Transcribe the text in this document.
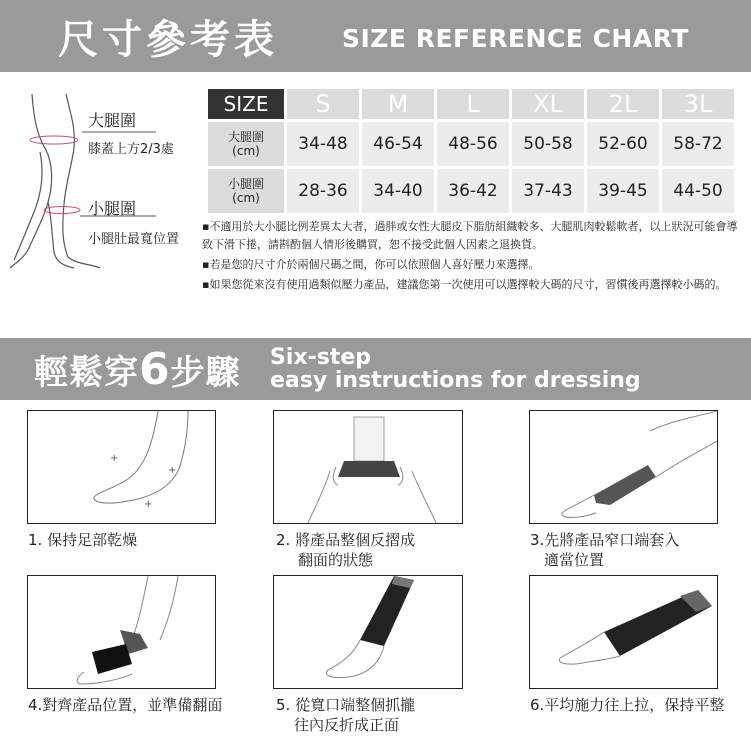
尺寸參考表	SIZE REFERENCE CHART
大腿圍
膝蓋上方2/3處
小腿圍
小腿肚最寬位置
SIZE	S	M	L	XL	2L	3L

大腿圍
(cm)	34-48	46-54	48-56	50-58	52-60	58-72

小腿圍
(cm)	28-36	34-40	36-42	37-43	39-45	44-50

▪不適用於大小腿比例差異太大者，過胖或女性大腿皮下脂肪組織較多、大腿肌肉較鬆軟者，以上狀況可能會導致下滑下捲，請斟酌個人情形後購買，恕不接受此個人因素之退換貨。

▪若是您的尺寸介於兩個尺碼之間，你可以依照個人喜好壓力來選擇。

▪如果您從來沒有使用過類似壓力產品，建議您第一次使用可以選擇較大碼的尺寸，習慣後再選擇較小碼的。

輕鬆穿6步驟 Six-step
easy instructions for dressing
+
+
+
1. 保持足部乾燥	2. 將產品整個反摺成
翻面的狀態
3.先將產品窄口端套入
適當位置
4.對齊產品位置，並準備翻面	5. 從寬口端整個抓攏
往內反折成正面
6.平均施力往上拉，保持平整
